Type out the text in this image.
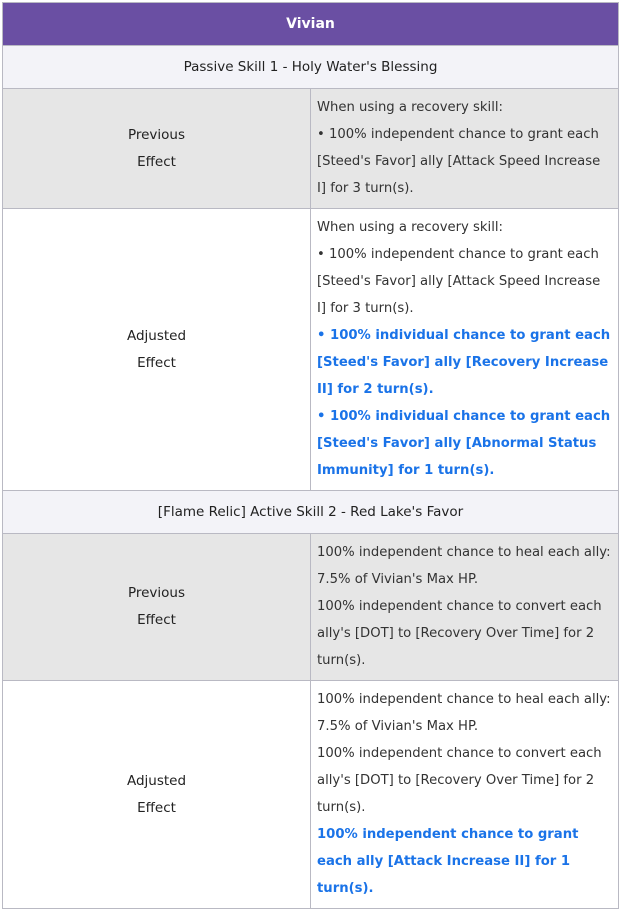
Vivian	
Passive Skill 1 - Holy Water's Blessing	

Previous
Effect	When using a recovery skill:
• 100% independent chance to grant each [Steed's Favor] ally [Attack Speed Increase I] for 3 turn(s).

Adjusted
Effect	When using a recovery skill:
• 100% independent chance to grant each [Steed's Favor] ally [Attack Speed Increase I] for 3 turn(s).
• 100% individual chance to grant each [Steed's Favor] ally [Recovery Increase II] for 2 turn(s).
• 100% individual chance to grant each [Steed's Favor] ally [Abnormal Status Immunity] for 1 turn(s).

[Flame Relic] Active Skill 2 - Red Lake's Favor	

Previous
Effect	100% independent chance to heal each ally: 7.5% of Vivian's Max HP.
100% independent chance to convert each ally's [DOT] to [Recovery Over Time] for 2 turn(s).

Adjusted
Effect	100% independent chance to heal each ally: 7.5% of Vivian's Max HP.
100% independent chance to convert each ally's [DOT] to [Recovery Over Time] for 2 turn(s).
100% independent chance to grant each ally [Attack Increase II] for 1 turn(s).
